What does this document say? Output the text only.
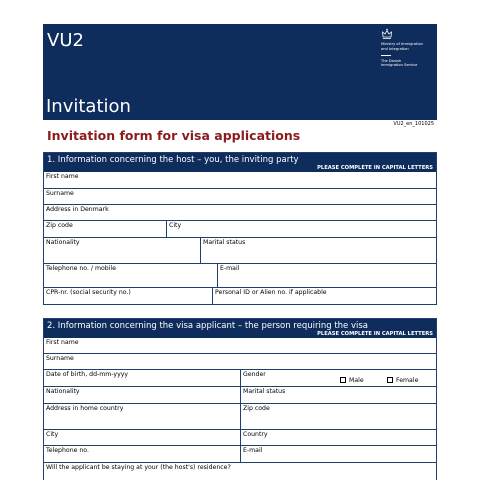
VU2
Invitation
Ministry of Immigration
and Integration
The Danish
Immigration Service
VU2_en_101025
Invitation form for visa applications
1. Information concerning the host – you, the inviting party
PLEASE COMPLETE IN CAPITAL LETTERS
First name
Surname
Address in Denmark
Zip code	City
Nationality	Marital status
Telephone no. / mobile	E-mail
CPR-nr. (social security no.)	Personal ID or Alien no. if applicable
2. Information concerning the visa applicant – the person requiring the visa
PLEASE COMPLETE IN CAPITAL LETTERS
First name
Surname
Date of birth, dd-mm-yyyy	Gender
Male	Female
Nationality	Marital status
Address in home country	Zip code
City	Country
Telephone no.	E-mail
Will the applicant be staying at your (the host's) residence?
